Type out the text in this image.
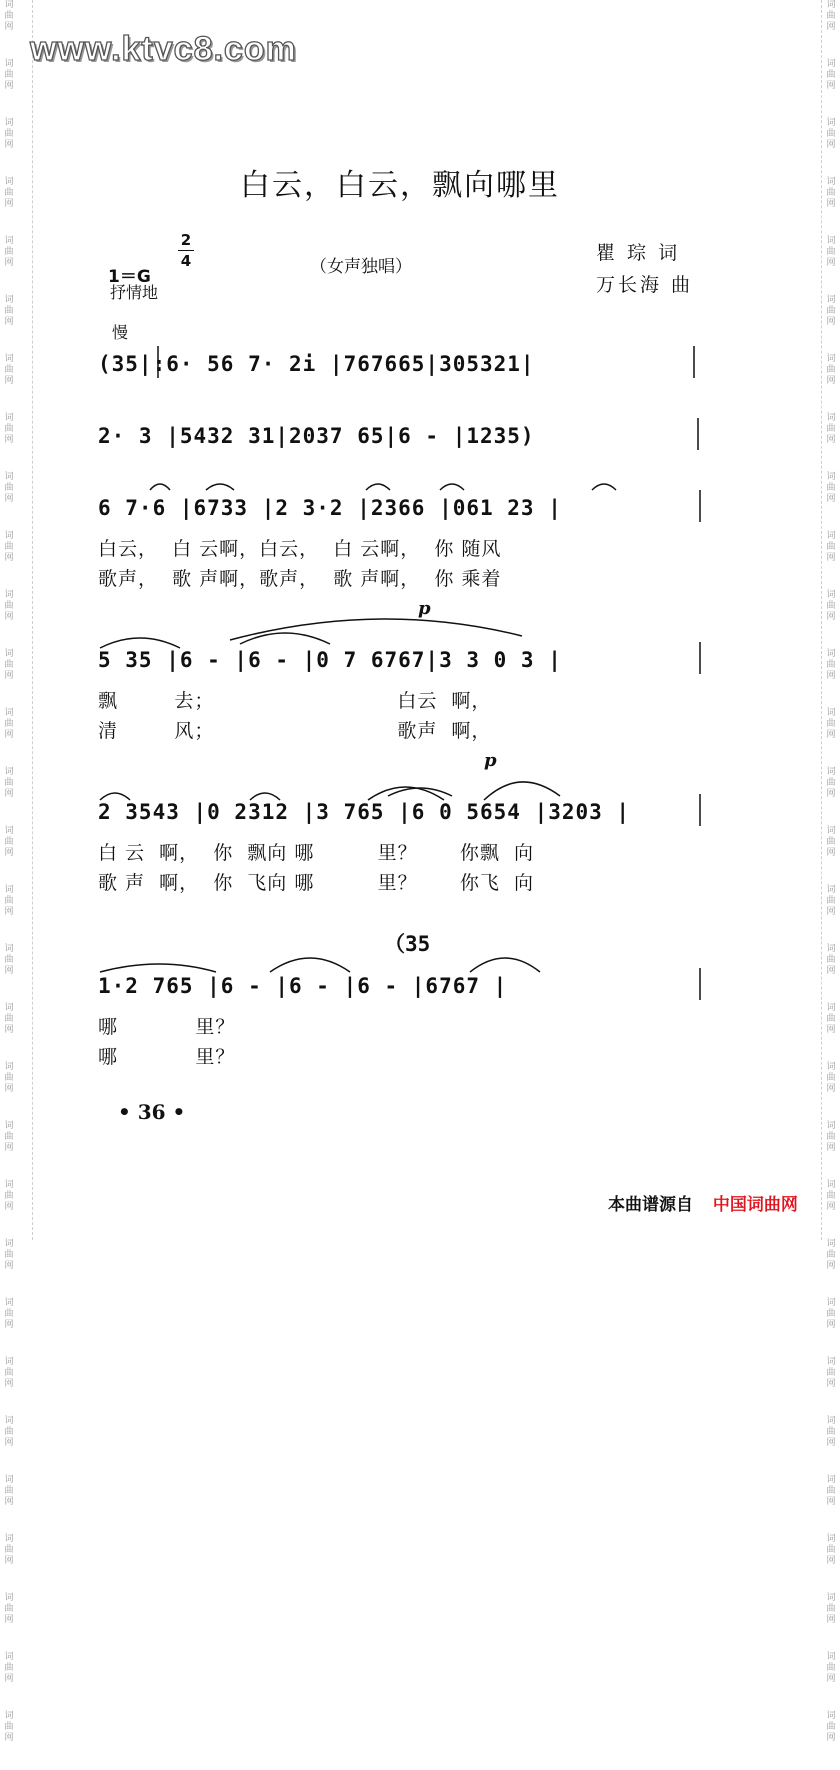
词
曲
网
词
曲
网
词
曲
网
词
曲
网
词
曲
网
词
曲
网
词
曲
网
词
曲
网
词
曲
网
词
曲
网
词
曲
网
词
曲
网
词
曲
网
词
曲
网
词
曲
网
词
曲
网
词
曲
网
词
曲
网
词
曲
网
词
曲
网
词
曲
网
词
曲
网
词
曲
网
词
曲
网
词
曲
网
词
曲
网
词
曲
网
词
曲
网
词
曲
网
词
曲
网
词
曲
网
词
曲
网
词
曲
网
词
曲
网
词
曲
网
词
曲
网
词
曲
网
词
曲
网
词
曲
网
词
曲
网
词
曲
网
词
曲
网
词
曲
网
词
曲
网
词
曲
网
词
曲
网
词
曲
网
词
曲
网
词
曲
网
词
曲
网
词
曲
网
词
曲
网
词
曲
网
词
曲
网
词
曲
网
词
曲
网
词
曲
网
词
曲
网
词
曲
网
词
曲
网
www.ktvc8.com
白云，白云，飘向哪里
（女声独唱）
1＝G
2
4
抒情地
慢
瞿 琮 词
万长海 曲
(35|:6· 56 7· 2i |767665|305321|
2· 3 |5432 31|2037 65|6 - |1235)
6 7·6 |6733 |2 3·2 |2366 |061 23 |
白云，  白 云啊，白云，  白 云啊，  你 随风
歌声，  歌 声啊，歌声，  歌 声啊，  你 乘着
p
5 35 |6 - |6 - |0 7 6767|3 3 0 3 |
飘        去；                          白云  啊，
清        风；                          歌声  啊，
p
2 3543 |0 2312 |3 765 |6 0 5654 |3203 |
白 云  啊，  你  飘向 哪         里？      你飘  向
歌 声  啊，  你  飞向 哪         里？      你飞  向
（35
1·2 765 |6 - |6 - |6 - |6767 |
哪           里？
哪           里？
• 36 •
本曲谱源自 中国词曲网
